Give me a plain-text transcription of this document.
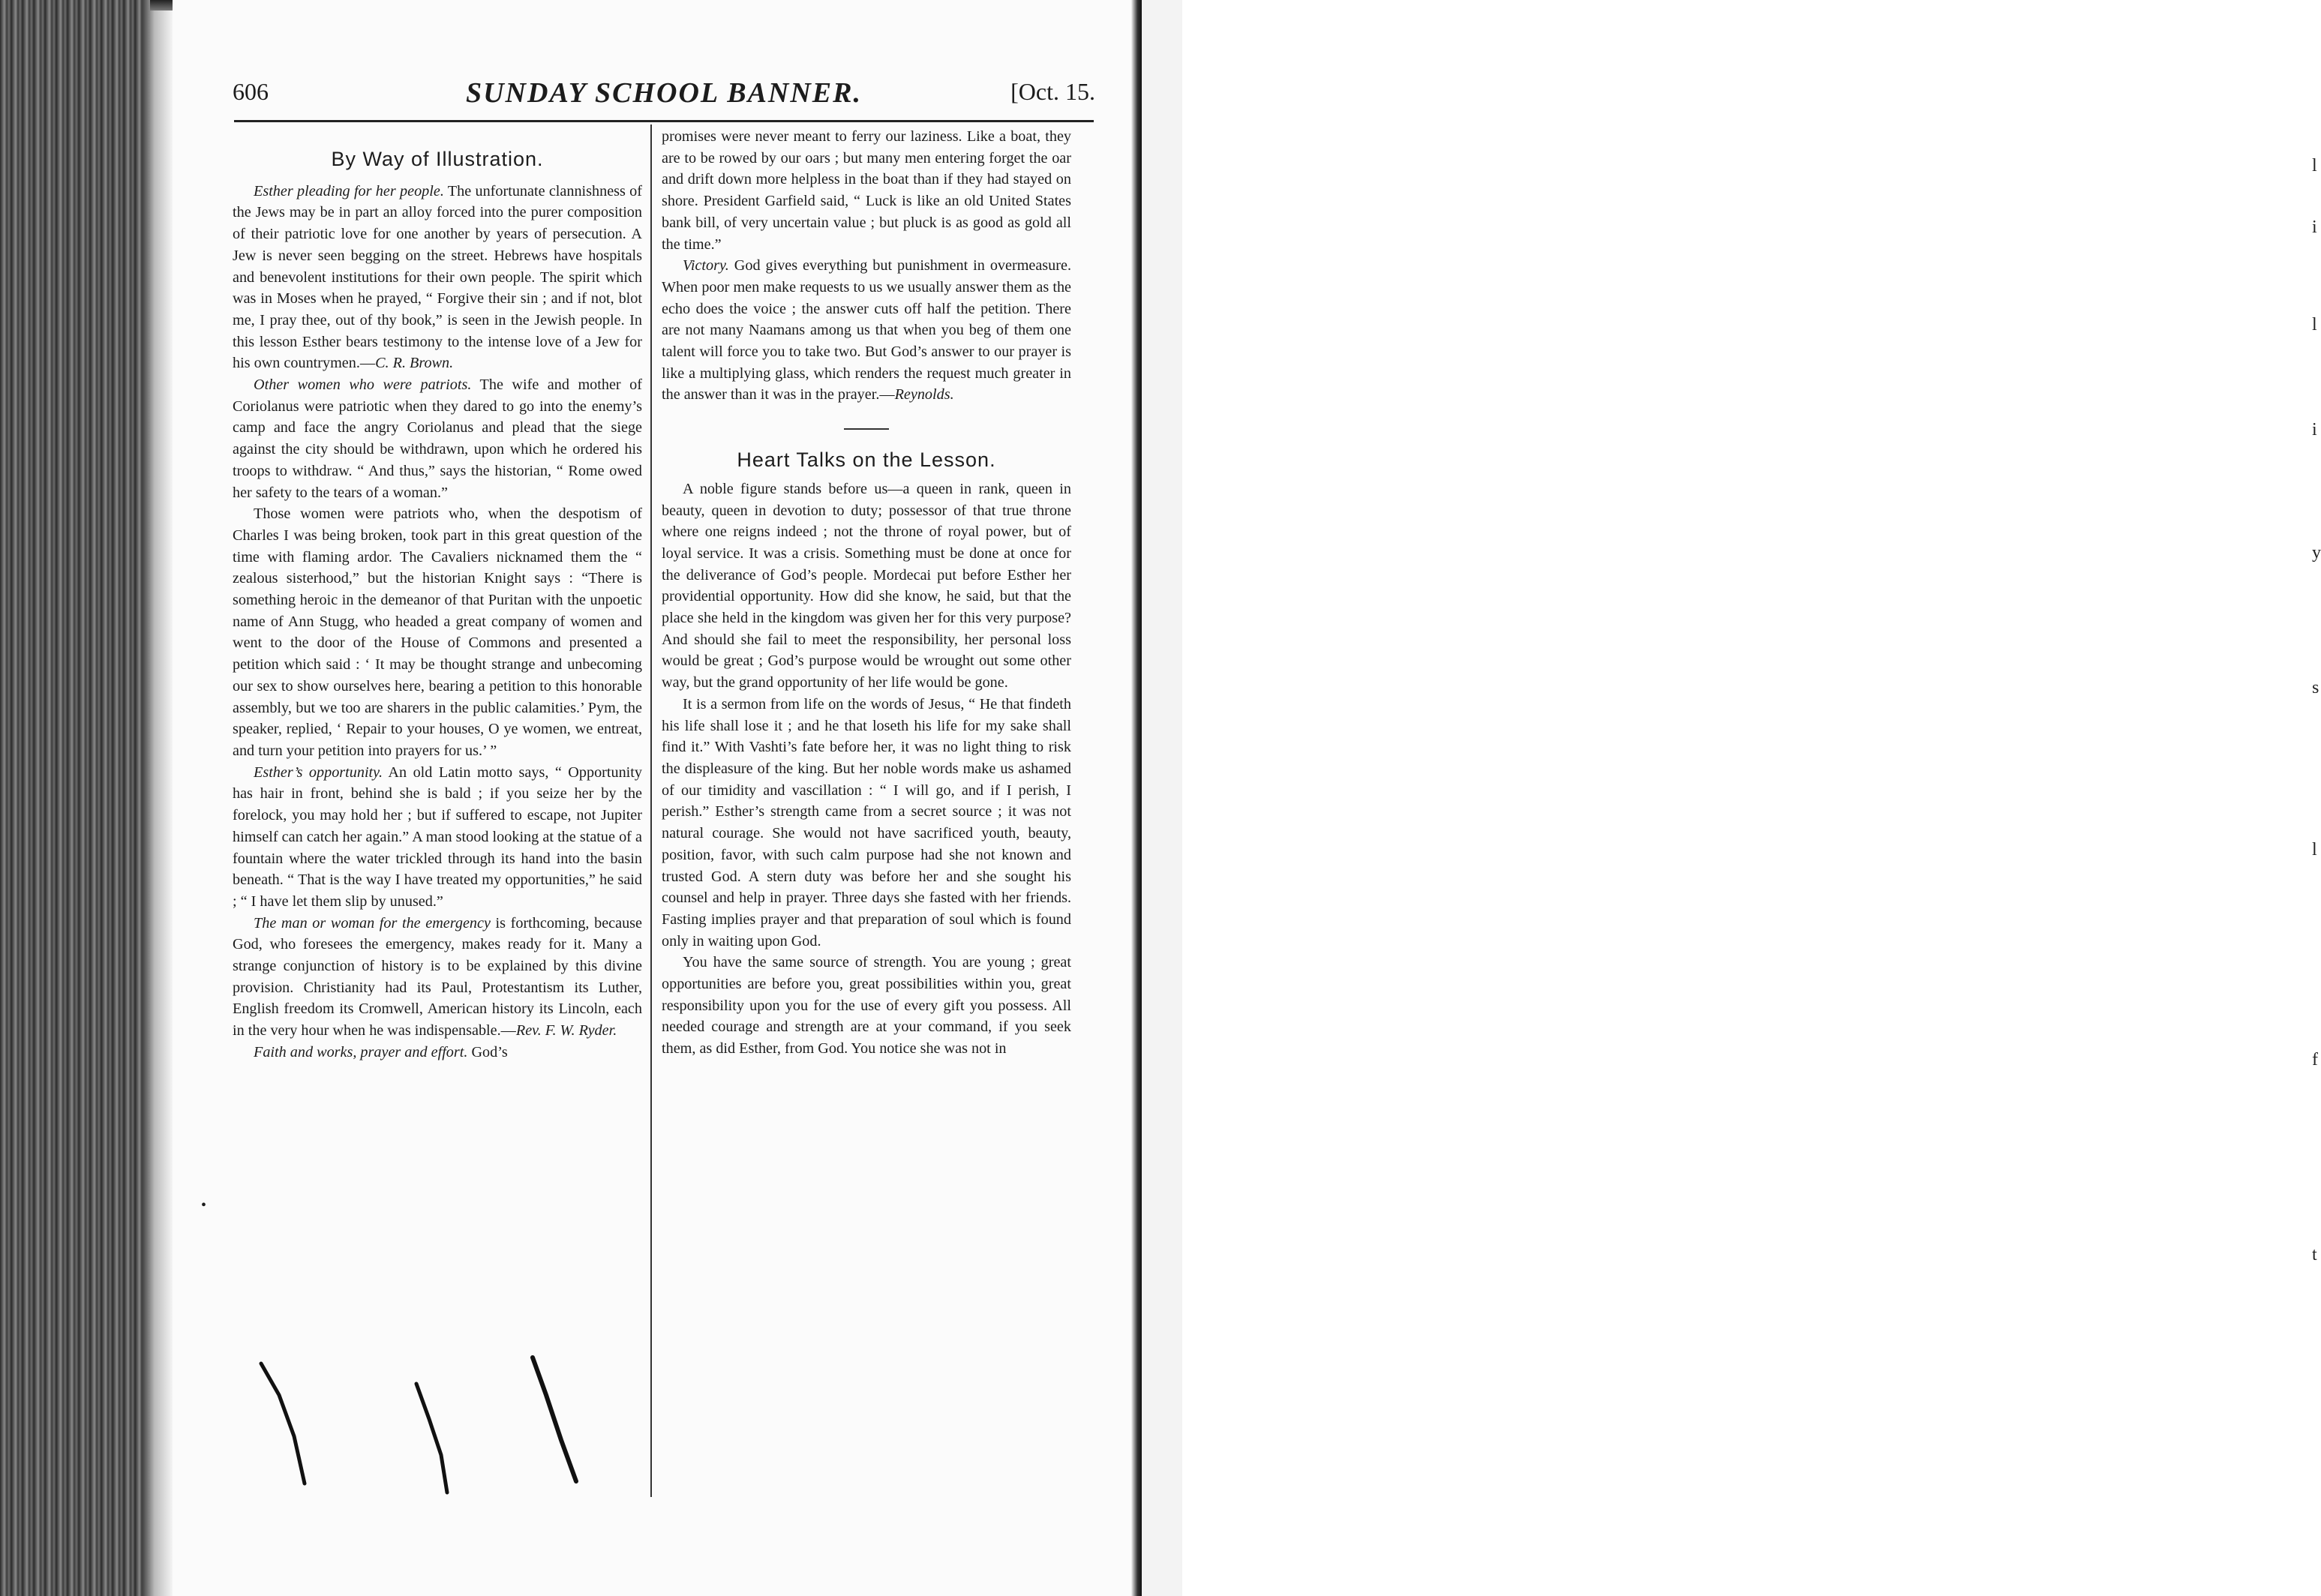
l
i
l
i
y
s
l
f
t
606	SUNDAY SCHOOL BANNER.	[Oct. 15.
By Way of Illustration.

Esther pleading for her people. The unfortunate clannishness of the Jews may be in part an alloy forced into the purer composition of their patriotic love for one another by years of persecution. A Jew is never seen begging on the street. Hebrews have hospitals and benevolent institutions for their own people. The spirit which was in Moses when he prayed, “ Forgive their sin ; and if not, blot me, I pray thee, out of thy book,” is seen in the Jewish people. In this lesson Esther bears testimony to the intense love of a Jew for his own countrymen.—C. R. Brown.

Other women who were patriots. The wife and mother of Coriolanus were patriotic when they dared to go into the enemy’s camp and face the angry Coriolanus and plead that the siege against the city should be withdrawn, upon which he ordered his troops to withdraw. “ And thus,” says the historian, “ Rome owed her safety to the tears of a woman.”

Those women were patriots who, when the despotism of Charles I was being broken, took part in this great question of the time with flaming ardor. The Cavaliers nicknamed them the “ zealous sisterhood,” but the historian Knight says : “There is something heroic in the demeanor of that Puritan with the unpoetic name of Ann Stugg, who headed a great company of women and went to the door of the House of Commons and presented a petition which said : ‘ It may be thought strange and unbecoming our sex to show ourselves here, bearing a petition to this honorable assembly, but we too are sharers in the public calamities.’ Pym, the speaker, replied, ‘ Repair to your houses, O ye women, we entreat, and turn your petition into prayers for us.’ ”

Esther’s opportunity. An old Latin motto says, “ Opportunity has hair in front, behind she is bald ; if you seize her by the forelock, you may hold her ; but if suffered to escape, not Jupiter himself can catch her again.” A man stood looking at the statue of a fountain where the water trickled through its hand into the basin beneath. “ That is the way I have treated my opportunities,” he said ; “ I have let them slip by unused.”

The man or woman for the emergency is forthcoming, because God, who foresees the emergency, makes ready for it. Many a strange conjunction of history is to be explained by this divine provision. Christianity had its Paul, Protestantism its Luther, English freedom its Cromwell, American history its Lincoln, each in the very hour when he was indispensable.—Rev. F. W. Ryder.

Faith and works, prayer and effort. God’s

promises were never meant to ferry our laziness. Like a boat, they are to be rowed by our oars ; but many men entering forget the oar and drift down more helpless in the boat than if they had stayed on shore. President Garfield said, “ Luck is like an old United States bank bill, of very uncertain value ; but pluck is as good as gold all the time.”

Victory. God gives everything but punishment in overmeasure. When poor men make requests to us we usually answer them as the echo does the voice ; the answer cuts off half the petition. There are not many Naamans among us that when you beg of them one talent will force you to take two. But God’s answer to our prayer is like a multiplying glass, which renders the request much greater in the answer than it was in the prayer.—Reynolds.

Heart Talks on the Lesson.

A noble figure stands before us—a queen in rank, queen in beauty, queen in devotion to duty; possessor of that true throne where one reigns indeed ; not the throne of royal power, but of loyal service. It was a crisis. Something must be done at once for the deliverance of God’s people. Mordecai put before Esther her providential opportunity. How did she know, he said, but that the place she held in the kingdom was given her for this very purpose? And should she fail to meet the responsibility, her personal loss would be great ; God’s purpose would be wrought out some other way, but the grand opportunity of her life would be gone.

It is a sermon from life on the words of Jesus, “ He that findeth his life shall lose it ; and he that loseth his life for my sake shall find it.” With Vashti’s fate before her, it was no light thing to risk the displeasure of the king. But her noble words make us ashamed of our timidity and vascillation : “ I will go, and if I perish, I perish.” Esther’s strength came from a secret source ; it was not natural courage. She would not have sacrificed youth, beauty, position, favor, with such calm purpose had she not known and trusted God. A stern duty was before her and she sought his counsel and help in prayer. Three days she fasted with her friends. Fasting implies prayer and that preparation of soul which is found only in waiting upon God.

You have the same source of strength. You are young ; great opportunities are before you, great possibilities within you, great responsibility upon you for the use of every gift you possess. All needed courage and strength are at your command, if you seek them, as did Esther, from God. You notice she was not in

•
